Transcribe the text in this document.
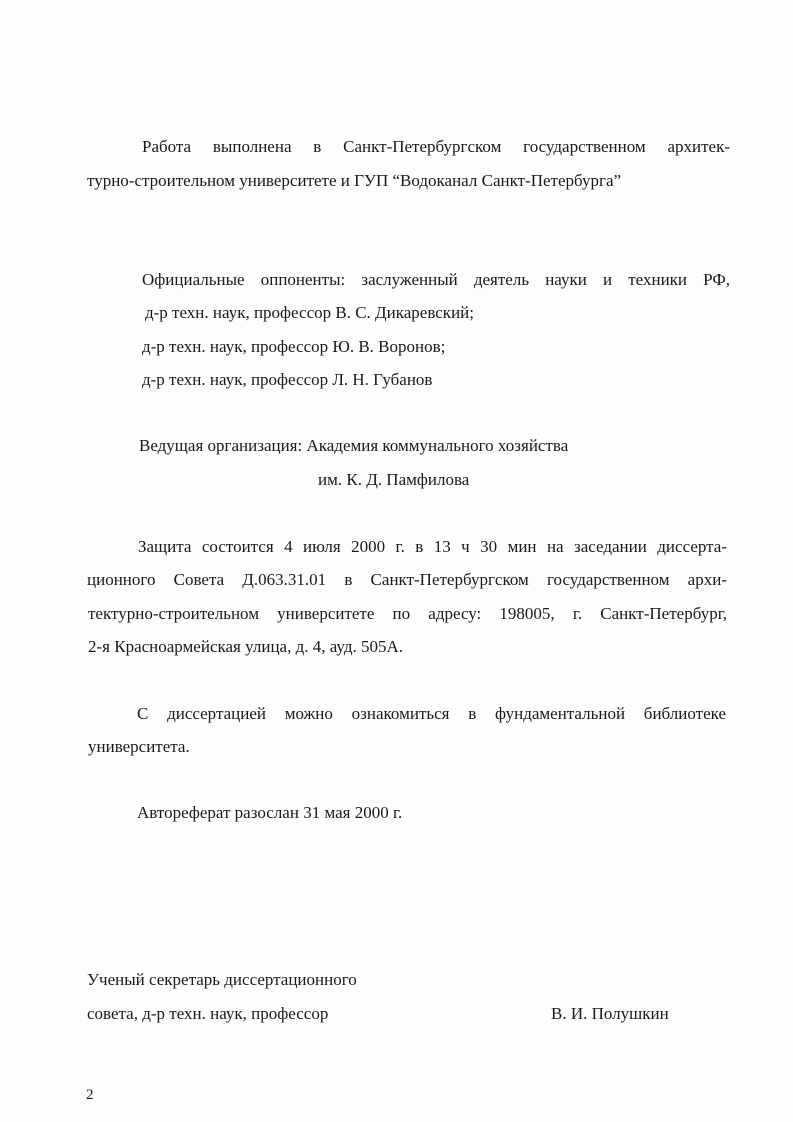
Работа выполнена в Санкт-Петербургском государственном архитек-
турно-строительном университете и ГУП “Водоканал Санкт-Петербурга”
Официальные оппоненты: заслуженный деятель науки и техники РФ,
д-р техн. наук, профессор В. С. Дикаревский;
д-р техн. наук, профессор Ю. В. Воронов;
д-р техн. наук, профессор Л. Н. Губанов
Ведущая организация: Академия коммунального хозяйства
им. К. Д. Памфилова
Защита состоится 4 июля 2000 г. в 13 ч 30 мин на заседании диссерта-
ционного Совета Д.063.31.01 в Санкт-Петербургском государственном архи-
тектурно-строительном университете по адресу: 198005, г. Санкт-Петербург,
2-я Красноармейская улица, д. 4, ауд. 505А.
С диссертацией можно ознакомиться в фундаментальной библиотеке
университета.
Автореферат разослан 31 мая 2000 г.
Ученый секретарь диссертационного
совета, д-р техн. наук, профессор	В. И. Полушкин
2
